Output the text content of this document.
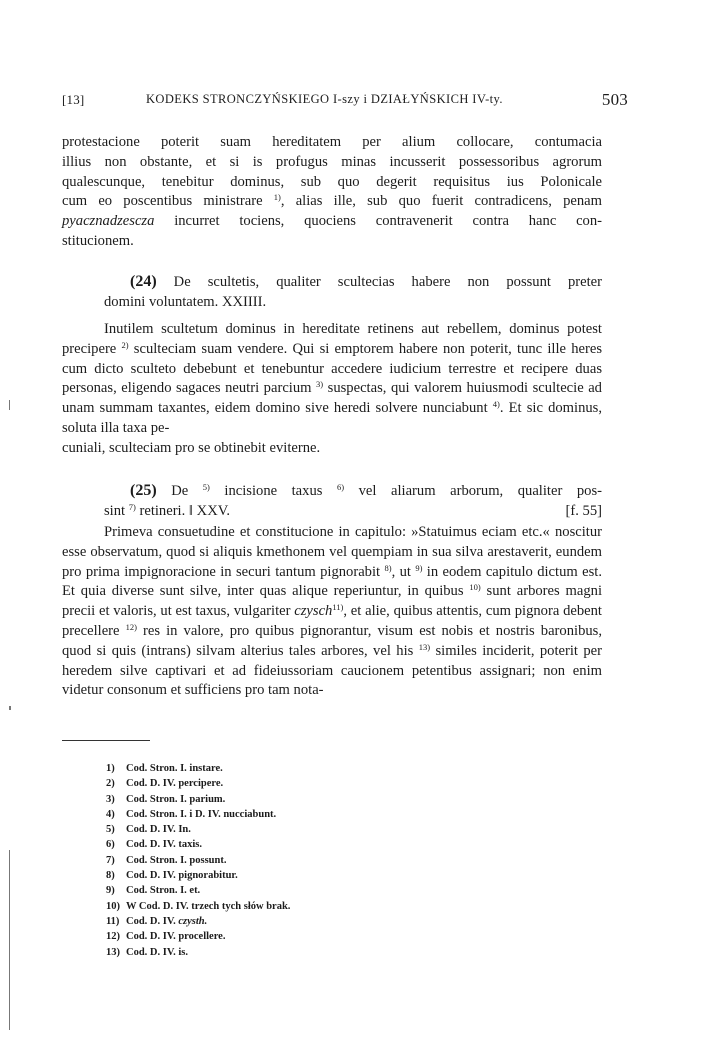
[13]	KODEKS STRONCZYŃSKIEGO I-szy i DZIAŁYŃSKICH IV-ty.	503

protestacione poterit suam hereditatem per alium collocare, contumacia

illius non obstante, et si is profugus minas incusserit possessoribus agrorum

qualescunque, tenebitur dominus, sub quo degerit requisitus ius Polonicale

cum eo poscentibus ministrare $^{1)}$, alias ille, sub quo fuerit contradicens, penam

pyacznadzescza incurret tociens, quociens contravenerit contra hanc con-

stitucionem.

(24) De scultetis, qualiter scultecias habere non possunt preter
domini voluntatem. XXIIII.

Inutilem scultetum dominus in hereditate retinens aut rebellem, dominus potest precipere $^{2)}$ sculteciam suam vendere. Qui si emptorem habere non poterit, tunc ille heres cum dicto sculteto debebunt et tenebuntur accedere iudicium terrestre et recipere duas personas, eligendo sagaces neutri parcium $^{3)}$ suspectas, qui valorem huiusmodi scultecie ad unam summam taxantes, eidem domino sive heredi solvere nunciabunt $^{4)}$. Et sic dominus, soluta illa taxa pe-
cuniali, sculteciam pro se obtinebit eviterne.

(25) De $^{5)}$ incisione taxus $^{6)}$ vel aliarum arborum, qualiter pos-
sint $^{7)}$ retineri. ‖ XXV.	[f. 55]

Primeva consuetudine et constitucione in capitulo: »Statuimus eciam etc.« noscitur esse observatum, quod si aliquis kmethonem vel quempiam in sua silva arestaverit, eundem pro prima impignoracione in securi tantum pignorabit $^{8)}$, ut $^{9)}$ in eodem capitulo dictum est. Et quia diverse sunt silve, inter quas alique reperiuntur, in quibus $^{10)}$ sunt arbores magni precii et valoris, ut est taxus, vulgariter czysch$^{11)}$, et alie, quibus attentis, cum pignora debent precellere $^{12)}$ res in valore, pro quibus pignorantur, visum est nobis et nostris baronibus, quod si quis (intrans) silvam alterius tales arbores, vel his $^{13)}$ similes inciderit, poterit per heredem silve captivari et ad fideiussoriam caucionem petentibus assignari; non enim videtur consonum et sufficiens pro tam nota-

1) Cod. Stron. I. instare.
2) Cod. D. IV. percipere.
3) Cod. Stron. I. parium.
4) Cod. Stron. I. i D. IV. nucciabunt.
5) Cod. D. IV. In.
6) Cod. D. IV. taxis.
7) Cod. Stron. I. possunt.
8) Cod. D. IV. pignorabitur.
9) Cod. Stron. I. et.
10) W Cod. D. IV. trzech tych słów brak.
11) Cod. D. IV. czysth.
12) Cod. D. IV. procellere.
13) Cod. D. IV. is.
